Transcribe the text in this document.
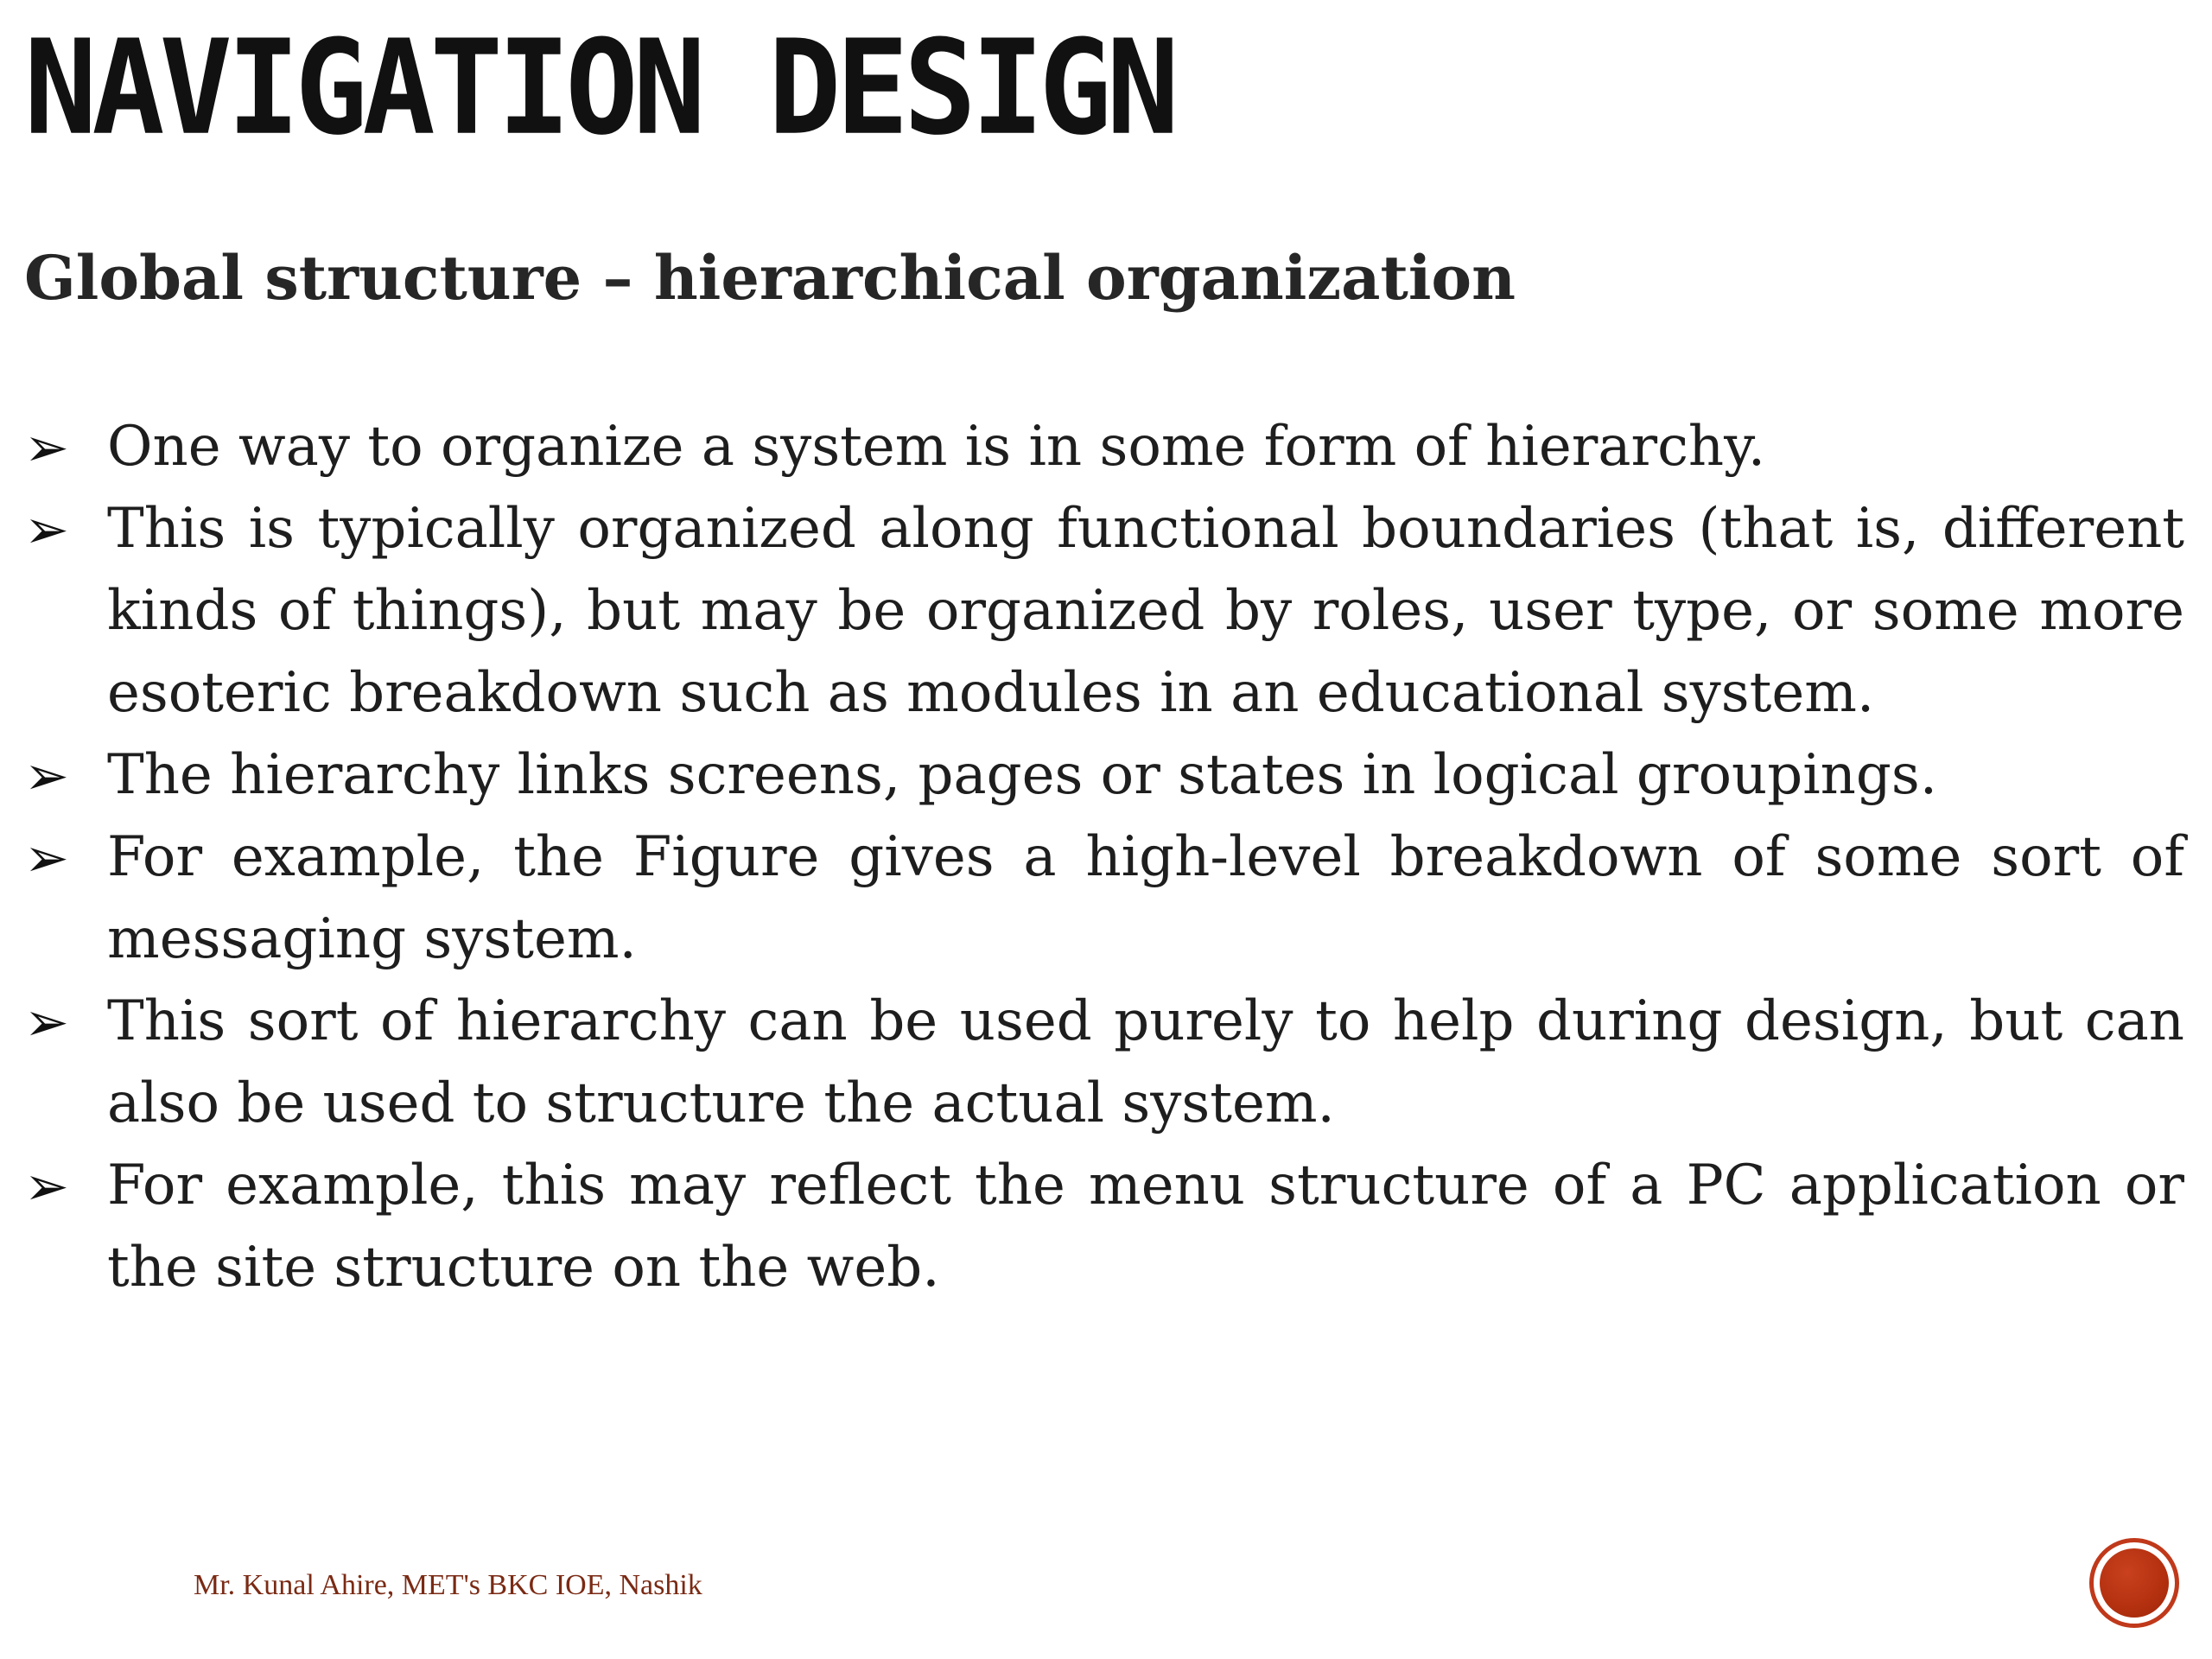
NAVIGATION DESIGN
Global structure – hierarchical organization
➢ One way to organize a system is in some form of hierarchy.
➢ This is typically organized along functional boundaries (that is, different kinds of things), but may be organized by roles, user type, or some more esoteric breakdown such as modules in an educational system.
➢ The hierarchy links screens, pages or states in logical groupings.
➢ For example, the Figure gives a high-level breakdown of some sort of messaging system.
➢ This sort of hierarchy can be used purely to help during design, but can also be used to structure the actual system.
➢ For example, this may reflect the menu structure of a PC application or the site structure on the web.
Mr. Kunal Ahire, MET's BKC IOE, Nashik
